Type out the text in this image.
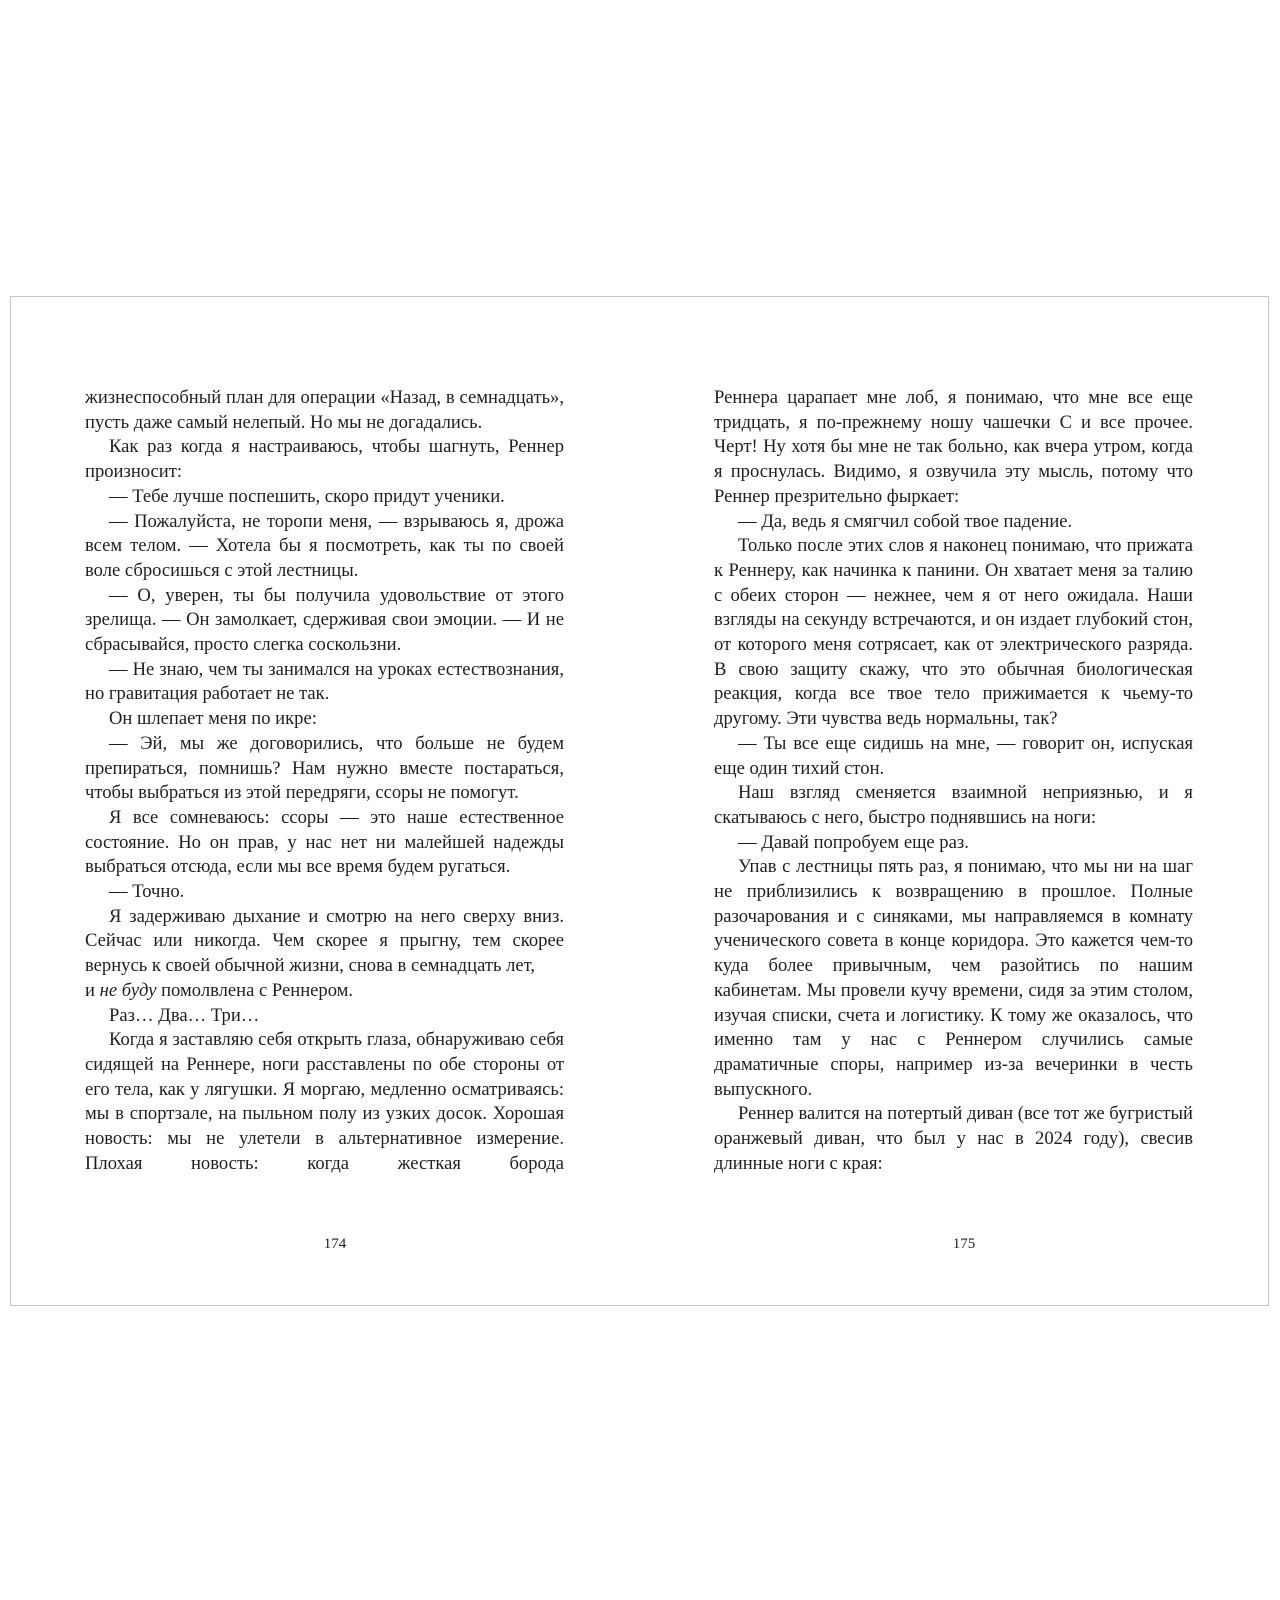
жизнеспособный план для операции «Назад, в семнадцать», пусть даже самый нелепый. Но мы не догадались.

Как раз когда я настраиваюсь, чтобы шагнуть, Реннер произносит:

— Тебе лучше поспешить, скоро придут ученики.

— Пожалуйста, не торопи меня, — взрываюсь я, дрожа всем телом. — Хотела бы я посмотреть, как ты по своей воле сбросишься с этой лестницы.

— О, уверен, ты бы получила удовольствие от этого зрелища. — Он замолкает, сдерживая свои эмоции. — И не сбрасывайся, просто слегка соскользни.

— Не знаю, чем ты занимался на уроках естествознания, но гравитация работает не так.

Он шлепает меня по икре:

— Эй, мы же договорились, что больше не будем препираться, помнишь? Нам нужно вместе постараться, чтобы выбраться из этой передряги, ссоры не помогут.

Я все сомневаюсь: ссоры — это наше естественное состояние. Но он прав, у нас нет ни малейшей надежды выбраться отсюда, если мы все время будем ругаться.

— Точно.

Я задерживаю дыхание и смотрю на него сверху вниз. Сейчас или никогда. Чем скорее я прыгну, тем скорее вернусь к своей обычной жизни, снова в семнадцать лет,

и не буду помолвлена с Реннером.

Раз… Два… Три…

Когда я заставляю себя открыть глаза, обнаруживаю себя сидящей на Реннере, ноги расставлены по обе стороны от его тела, как у лягушки. Я моргаю, медленно осматриваясь: мы в спортзале, на пыльном полу из узких досок. Хорошая новость: мы не улетели в альтернативное измерение. Плохая новость: когда жесткая борода

Реннера царапает мне лоб, я понимаю, что мне все еще тридцать, я по-прежнему ношу чашечки С и все прочее. Черт! Ну хотя бы мне не так больно, как вчера утром, когда я проснулась. Видимо, я озвучила эту мысль, потому что Реннер презрительно фыркает:

— Да, ведь я смягчил собой твое падение.

Только после этих слов я наконец понимаю, что прижата к Реннеру, как начинка к панини. Он хватает меня за талию с обеих сторон — нежнее, чем я от него ожидала. Наши взгляды на секунду встречаются, и он издает глубокий стон, от которого меня сотрясает, как от электрического разряда. В свою защиту скажу, что это обычная биологическая реакция, когда все твое тело прижимается к чьему-то другому. Эти чувства ведь нормальны, так?

— Ты все еще сидишь на мне, — говорит он, испуская еще один тихий стон.

Наш взгляд сменяется взаимной неприязнью, и я скатываюсь с него, быстро поднявшись на ноги:

— Давай попробуем еще раз.

Упав с лестницы пять раз, я понимаю, что мы ни на шаг не приблизились к возвращению в прошлое. Полные разочарования и с синяками, мы направляемся в комнату ученического совета в конце коридора. Это кажется чем-то куда более привычным, чем разойтись по нашим кабинетам. Мы провели кучу времени, сидя за этим столом, изучая списки, счета и логистику. К тому же оказалось, что именно там у нас с Реннером случились самые драматичные споры, например из-за вечеринки в честь выпускного.

Реннер валится на потертый диван (все тот же бугристый оранжевый диван, что был у нас в 2024 году), свесив длинные ноги с края:

174	175
